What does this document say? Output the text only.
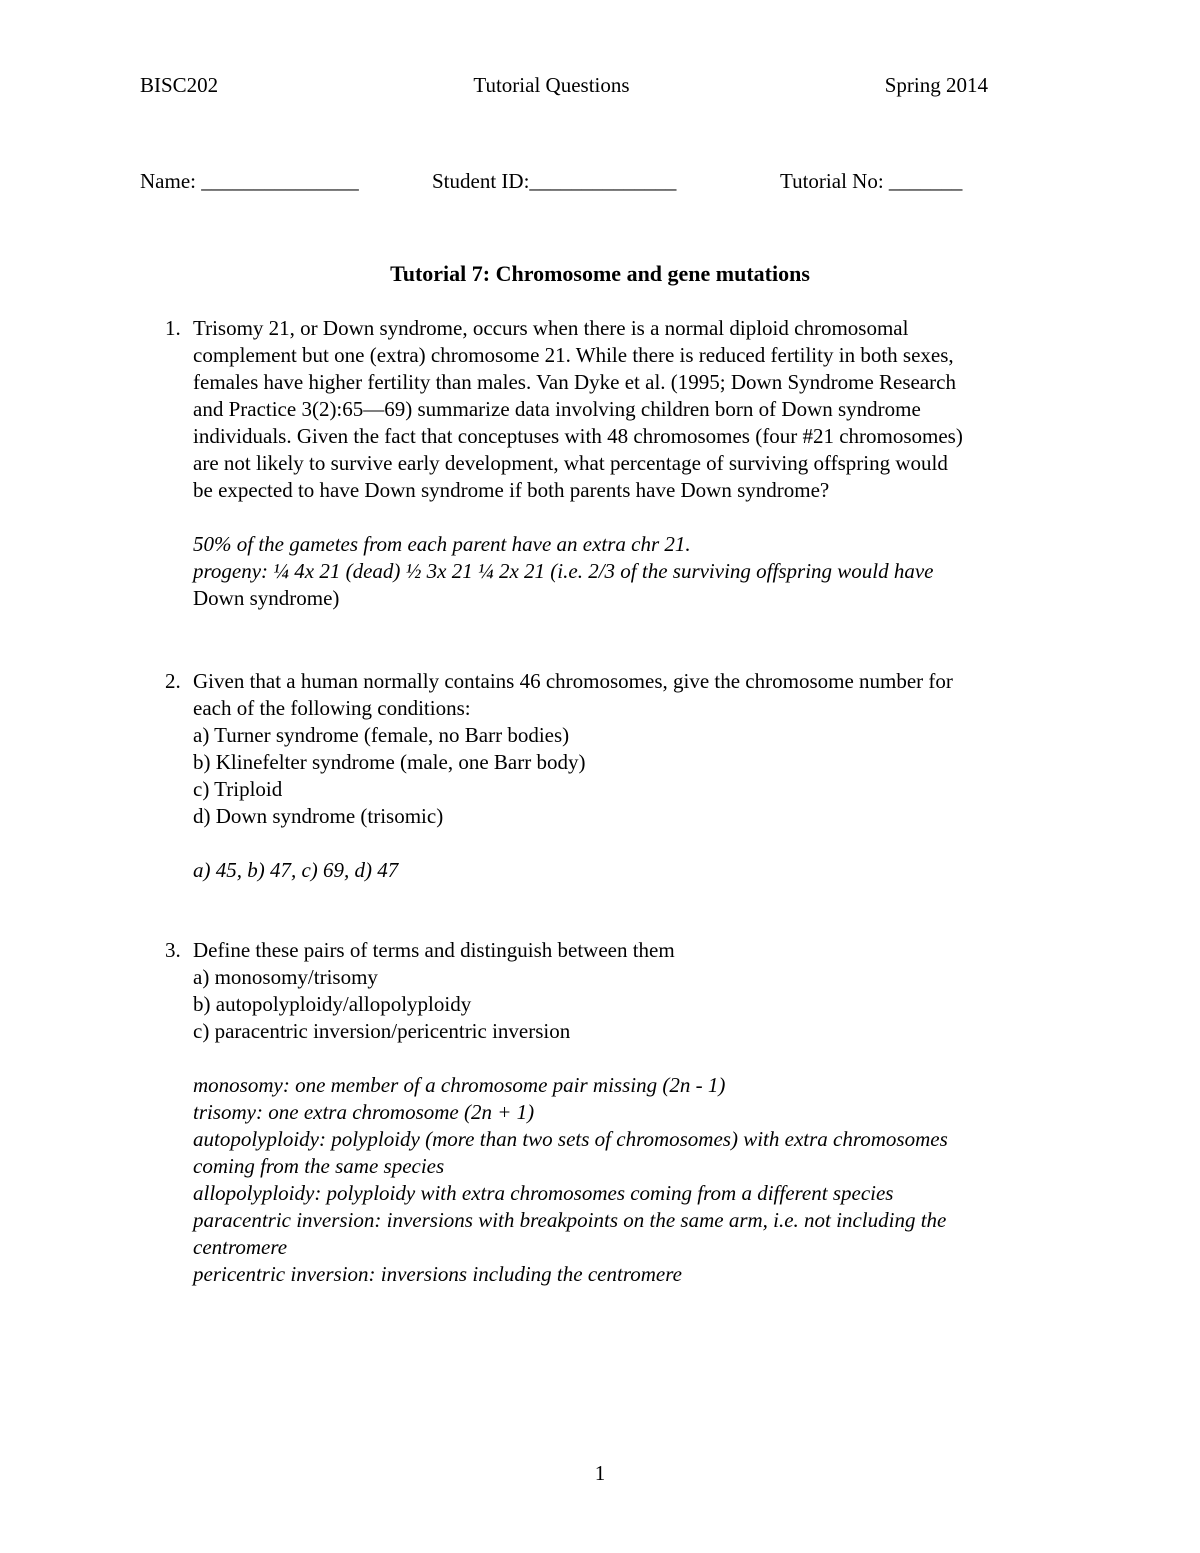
BISC202	Tutorial Questions	Spring 2014
Name: _______________	Student ID:______________	Tutorial No: _______
Tutorial 7: Chromosome and gene mutations
1. Trisomy 21, or Down syndrome, occurs when there is a normal diploid chromosomal
complement but one (extra) chromosome 21. While there is reduced fertility in both sexes,
females have higher fertility than males. Van Dyke et al. (1995; Down Syndrome Research
and Practice 3(2):65—69) summarize data involving children born of Down syndrome
individuals. Given the fact that conceptuses with 48 chromosomes (four #21 chromosomes)
are not likely to survive early development, what percentage of surviving offspring would
be expected to have Down syndrome if both parents have Down syndrome?
50% of the gametes from each parent have an extra chr 21.
progeny: ¼ 4x 21 (dead) ½ 3x 21 ¼ 2x 21 (i.e. 2/3 of the surviving offspring would have
Down syndrome)
2. Given that a human normally contains 46 chromosomes, give the chromosome number for
each of the following conditions:
a) Turner syndrome (female, no Barr bodies)
b) Klinefelter syndrome (male, one Barr body)
c) Triploid
d) Down syndrome (trisomic)
a) 45, b) 47, c) 69, d) 47
3. Define these pairs of terms and distinguish between them
a) monosomy/trisomy
b) autopolyploidy/allopolyploidy
c) paracentric inversion/pericentric inversion
monosomy: one member of a chromosome pair missing (2n - 1)
trisomy: one extra chromosome (2n + 1)
autopolyploidy: polyploidy (more than two sets of chromosomes) with extra chromosomes
coming from the same species
allopolyploidy: polyploidy with extra chromosomes coming from a different species
paracentric inversion: inversions with breakpoints on the same arm, i.e. not including the
centromere
pericentric inversion: inversions including the centromere
1
